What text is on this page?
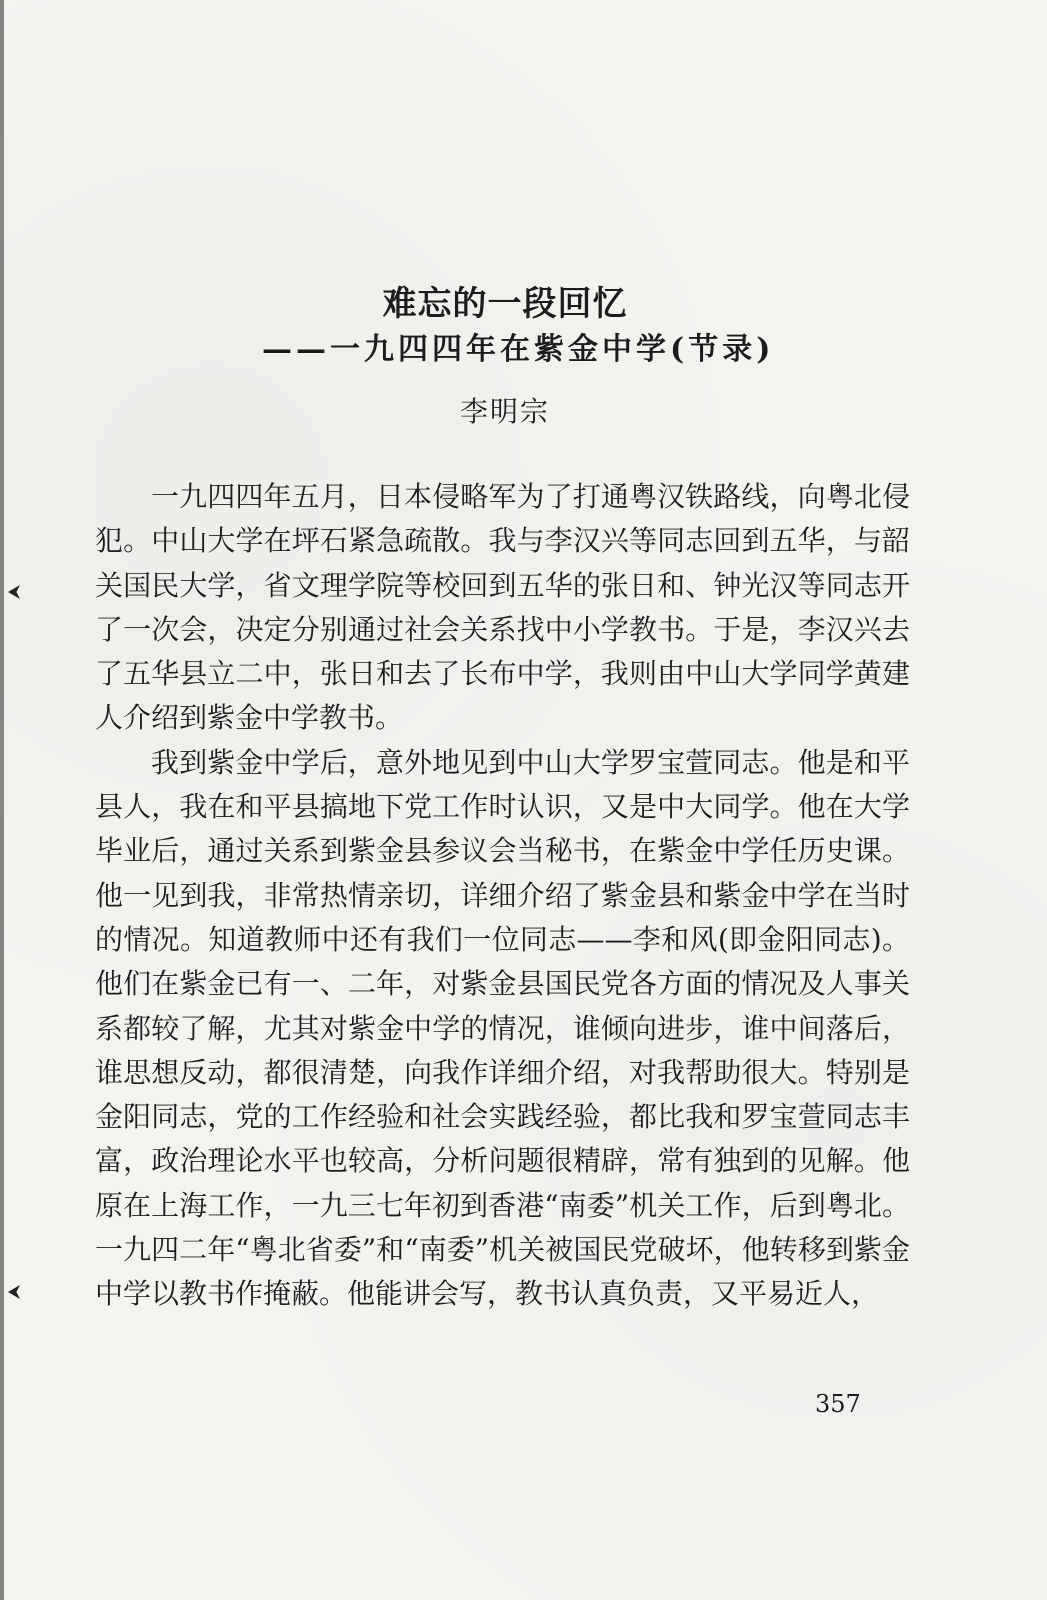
难忘的一段回忆
——一九四四年在紫金中学(节录)

李明宗

一九四四年五月，日本侵略军为了打通粤汉铁路线，向粤北侵犯。中山大学在坪石紧急疏散。我与李汉兴等同志回到五华，与韶关国民大学，省文理学院等校回到五华的张日和、钟光汉等同志开了一次会，决定分别通过社会关系找中小学教书。于是，李汉兴去了五华县立二中，张日和去了长布中学，我则由中山大学同学黄建人介绍到紫金中学教书。

我到紫金中学后，意外地见到中山大学罗宝萱同志。他是和平县人，我在和平县搞地下党工作时认识，又是中大同学。他在大学毕业后，通过关系到紫金县参议会当秘书，在紫金中学任历史课。他一见到我，非常热情亲切，详细介绍了紫金县和紫金中学在当时的情况。知道教师中还有我们一位同志——李和风(即金阳同志)。他们在紫金已有一、二年，对紫金县国民党各方面的情况及人事关系都较了解，尤其对紫金中学的情况，谁倾向进步，谁中间落后，谁思想反动，都很清楚，向我作详细介绍，对我帮助很大。特别是金阳同志，党的工作经验和社会实践经验，都比我和罗宝萱同志丰富，政治理论水平也较高，分析问题很精辟，常有独到的见解。他原在上海工作，一九三七年初到香港“南委”机关工作，后到粤北。一九四二年“粤北省委”和“南委”机关被国民党破坏，他转移到紫金中学以教书作掩蔽。他能讲会写，教书认真负责，又平易近人，

357
